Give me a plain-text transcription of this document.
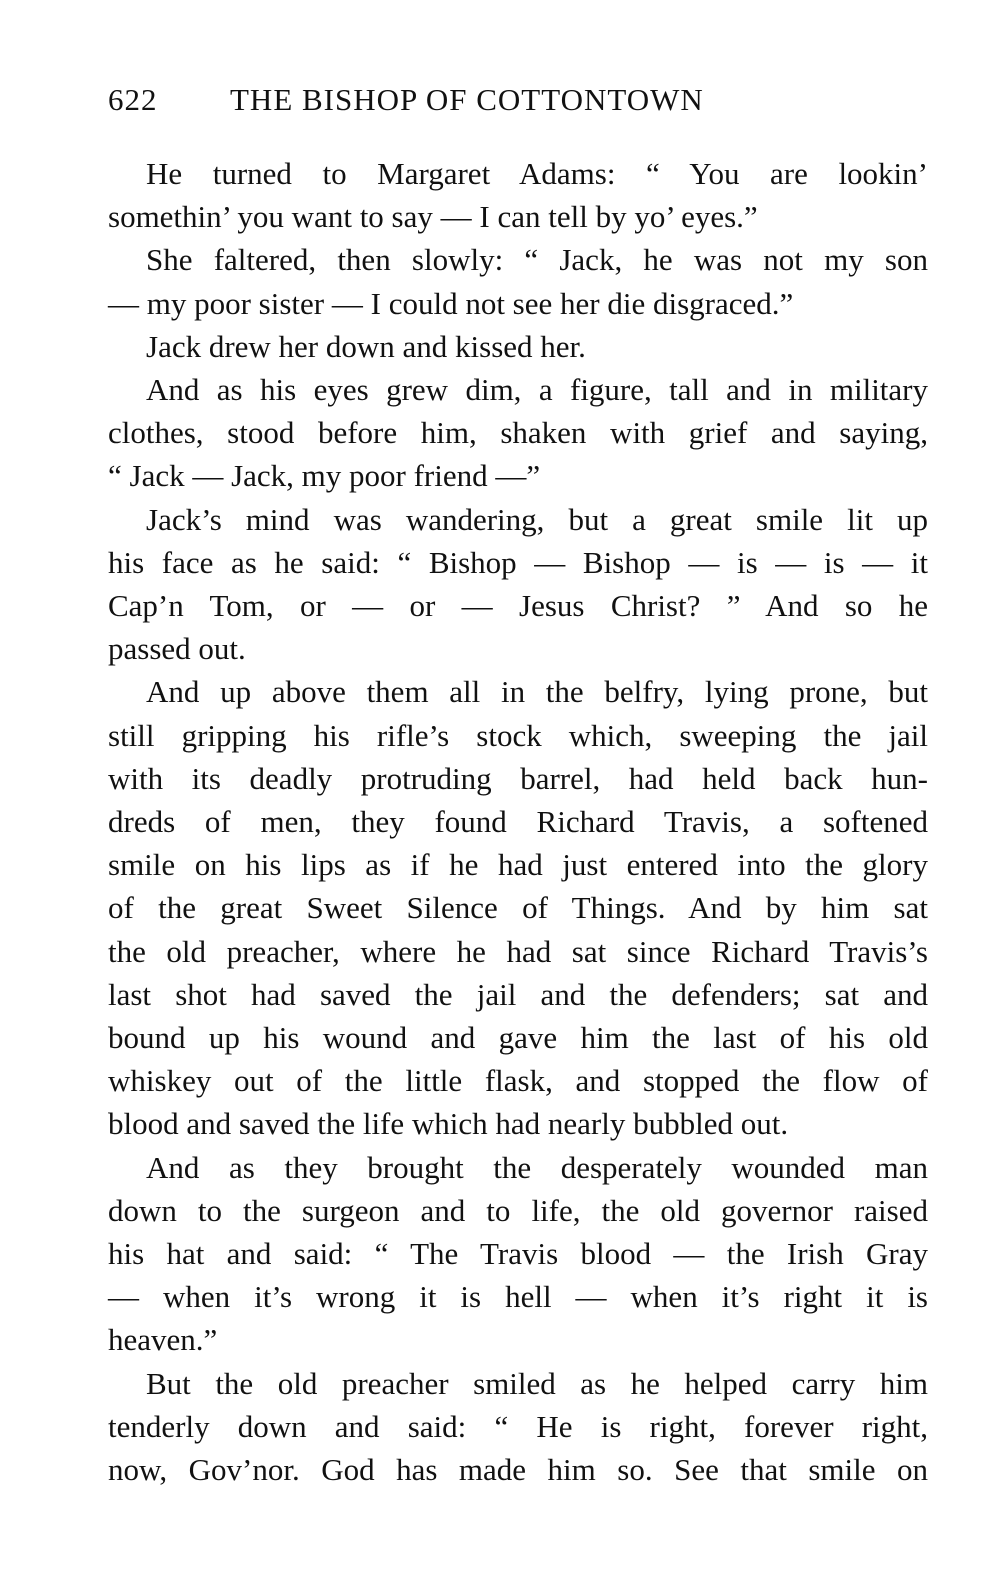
622 THE BISHOP OF COTTONTOWN
He turned to Margaret Adams: “ You are lookin’
somethin’ you want to say — I can tell by yo’ eyes.”
She faltered, then slowly: “ Jack, he was not my son
— my poor sister — I could not see her die disgraced.”
Jack drew her down and kissed her.
And as his eyes grew dim, a figure, tall and in military
clothes, stood before him, shaken with grief and saying,
“ Jack — Jack, my poor friend —”
Jack’s mind was wandering, but a great smile lit up
his face as he said: “ Bishop — Bishop — is — is — it
Cap’n Tom, or — or — Jesus Christ? ” And so he
passed out.
And up above them all in the belfry, lying prone, but
still gripping his rifle’s stock which, sweeping the jail
with its deadly protruding barrel, had held back hun-
dreds of men, they found Richard Travis, a softened
smile on his lips as if he had just entered into the glory
of the great Sweet Silence of Things. And by him sat
the old preacher, where he had sat since Richard Travis’s
last shot had saved the jail and the defenders; sat and
bound up his wound and gave him the last of his old
whiskey out of the little flask, and stopped the flow of
blood and saved the life which had nearly bubbled out.
And as they brought the desperately wounded man
down to the surgeon and to life, the old governor raised
his hat and said: “ The Travis blood — the Irish Gray
— when it’s wrong it is hell — when it’s right it is
heaven.”
But the old preacher smiled as he helped carry him
tenderly down and said: “ He is right, forever right,
now, Gov’nor. God has made him so. See that smile on
